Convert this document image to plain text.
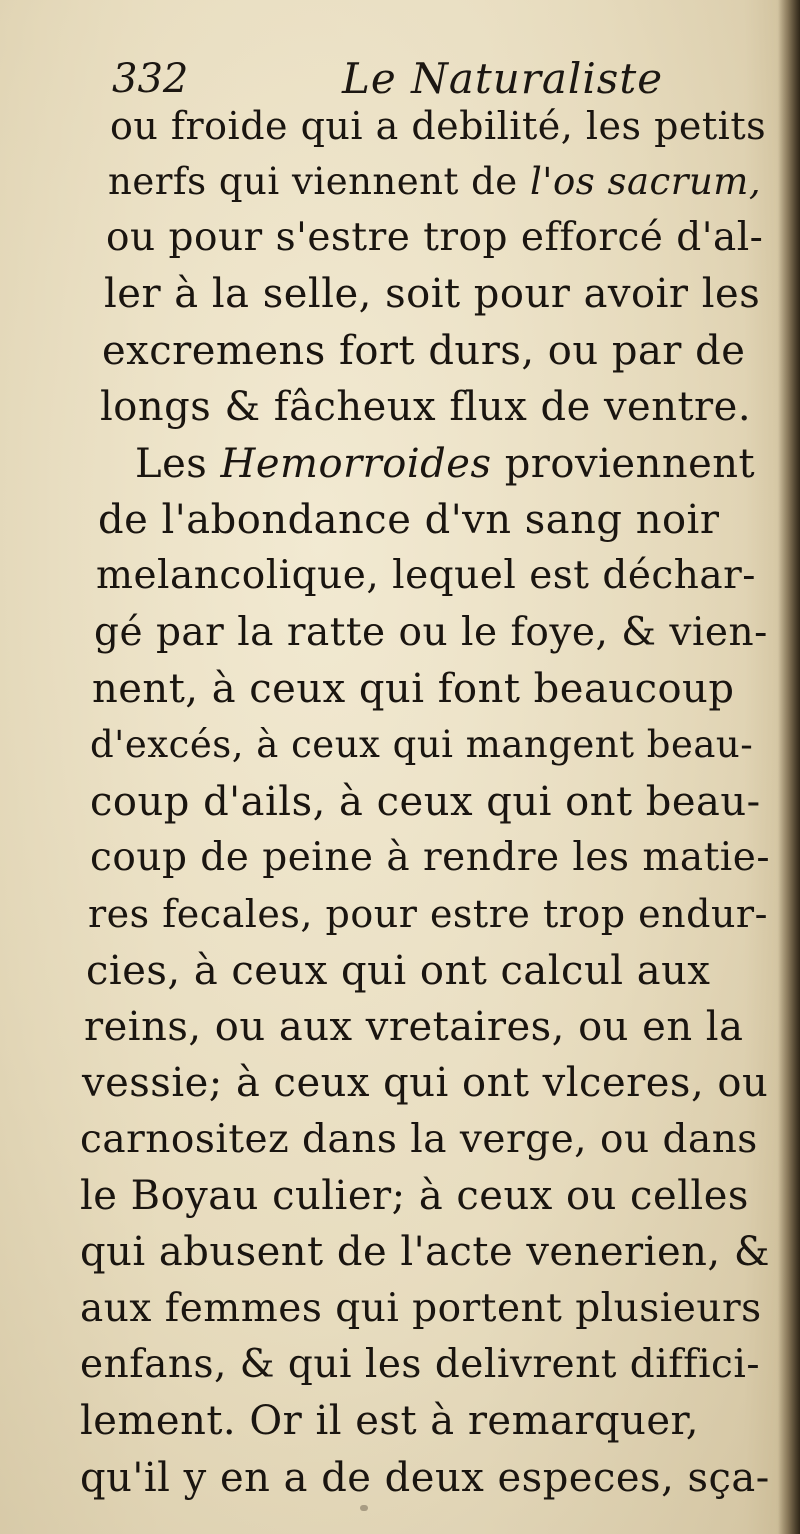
332	Le Naturaliste
ou froide qui a debilité, les petits
nerfs qui viennent de l'os sacrum,
ou pour s'estre trop efforcé d'al-
ler à la selle, soit pour avoir les
excremens fort durs, ou par de
longs & fâcheux flux de ventre.
Les Hemorroides proviennent
de l'abondance d'vn sang noir
melancolique, lequel est déchar-
gé par la ratte ou le foye, & vien-
nent, à ceux qui font beaucoup
d'excés, à ceux qui mangent beau-
coup d'ails, à ceux qui ont beau-
coup de peine à rendre les matie-
res fecales, pour estre trop endur-
cies, à ceux qui ont calcul aux
reins, ou aux vretaires, ou en la
vessie; à ceux qui ont vlceres, ou
carnositez dans la verge, ou dans
le Boyau culier; à ceux ou celles
qui abusent de l'acte venerien, &
aux femmes qui portent plusieurs
enfans, & qui les delivrent diffici-
lement. Or il est à remarquer,
qu'il y en a de deux especes, sça-
